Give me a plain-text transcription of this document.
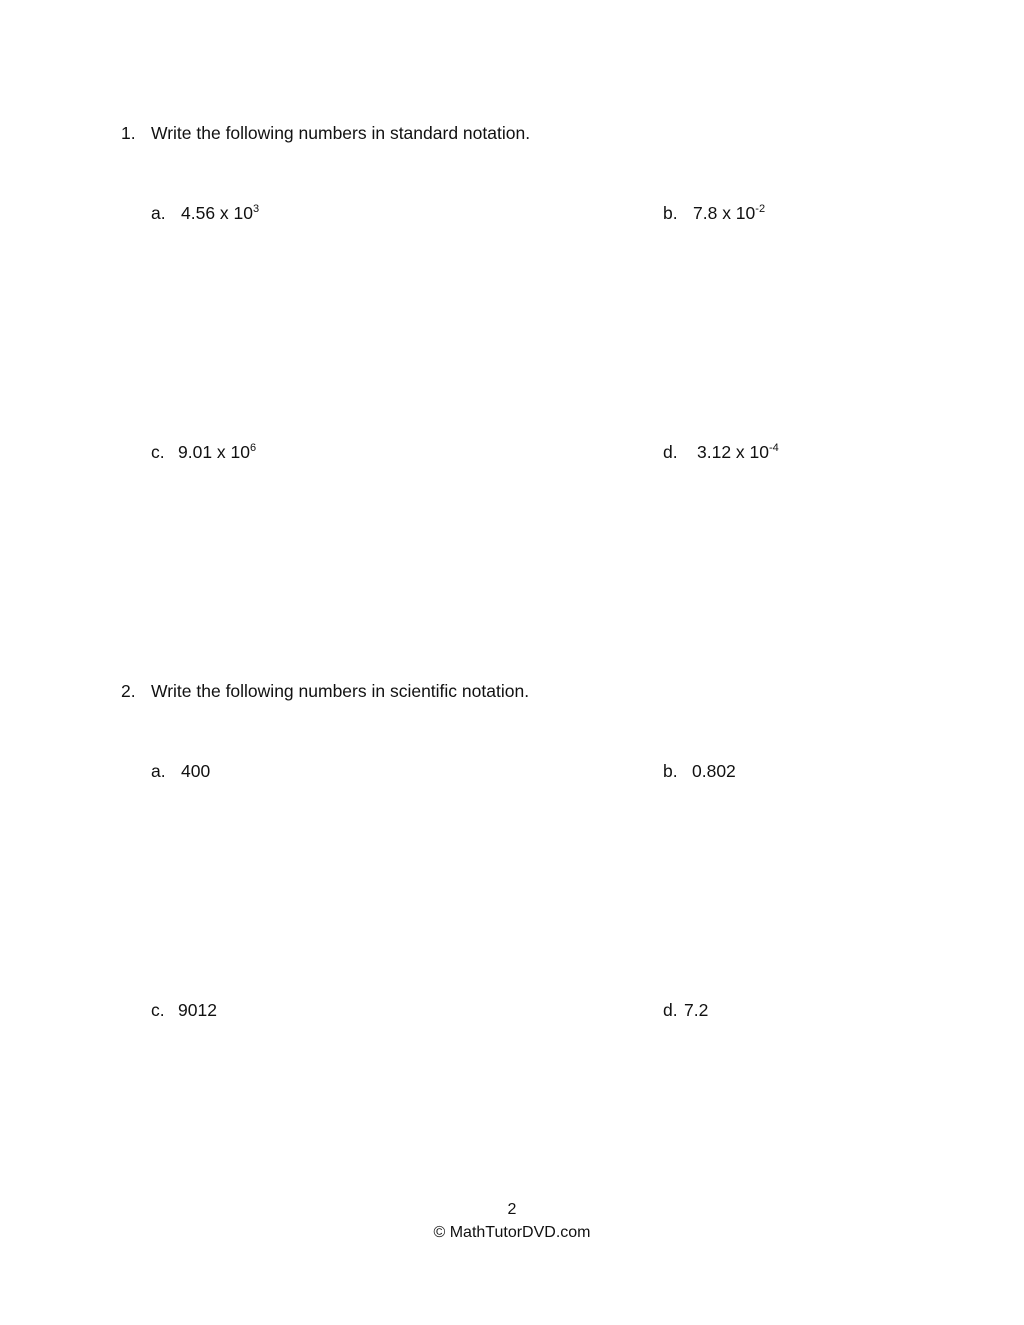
1. Write the following numbers in standard notation.
a. 4.56 x $10^3$	b. 7.8 x $10^{-2}$
c. 9.01 x $10^6$	d. 3.12 x $10^{-4}$
2. Write the following numbers in scientific notation.
a. 400	b. 0.802
c. 9012	d. 7.2
2
© MathTutorDVD.com
